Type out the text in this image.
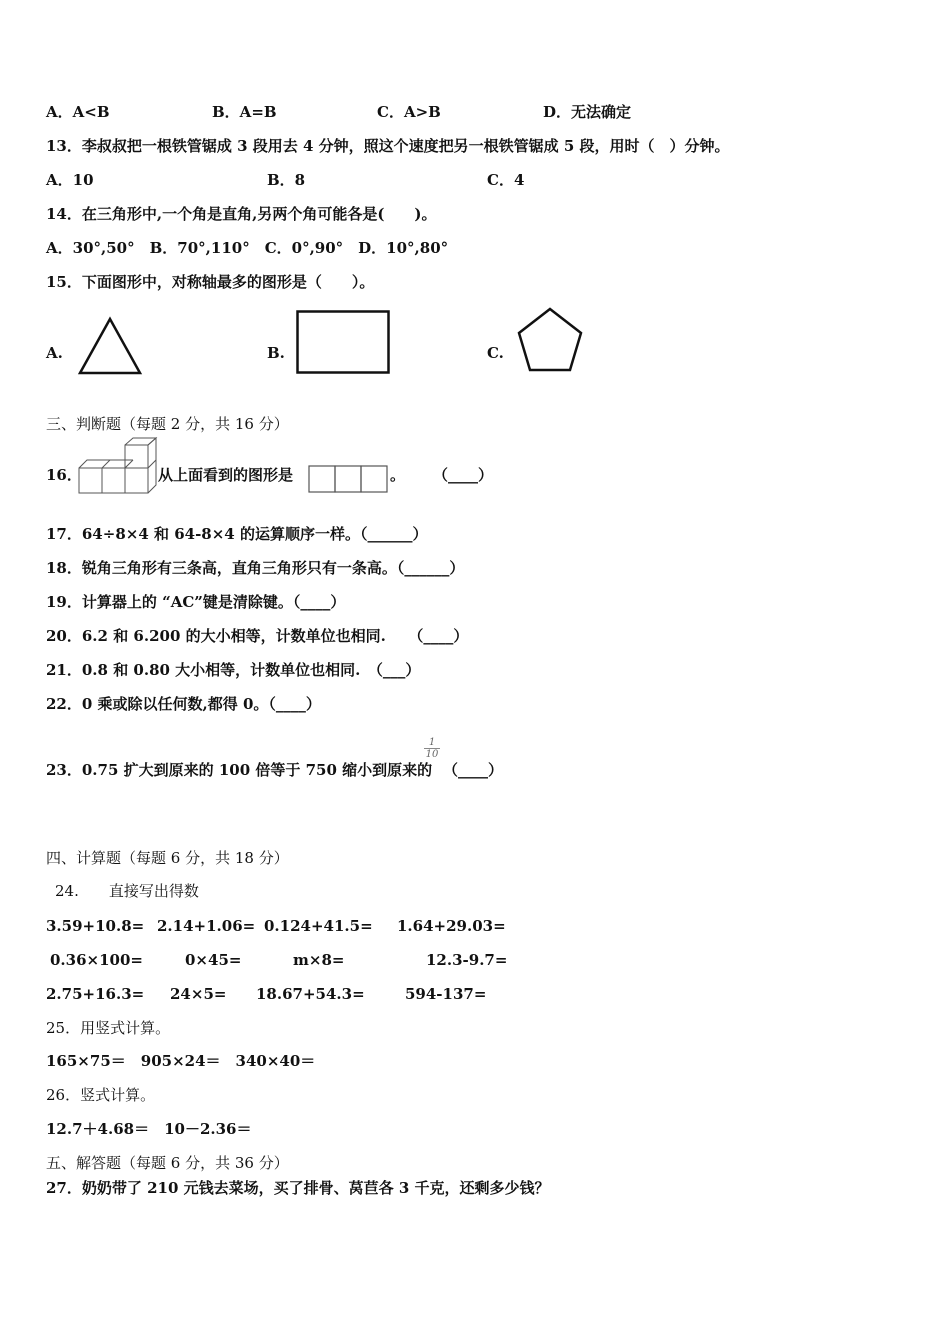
A．A<B	B．A=B	C．A>B	D．无法确定
13．李叔叔把一根铁管锯成 3 段用去 4 分钟，照这个速度把另一根铁管锯成 5 段，用时（　）分钟。
A．10	B．8	C．4
14．在三角形中,一个角是直角,另两个角可能各是(　　)。
A．30°,50°　B．70°,110°　C．0°,90°　D．10°,80°
15．下面图形中，对称轴最多的图形是（　　）。
A.	B.	C.
三、判断题（每题 2 分，共 16 分）
16．	从上面看到的图形是	。 （____）
17．64÷8×4 和 64-8×4 的运算顺序一样。（______）
18．锐角三角形有三条高，直角三角形只有一条高。（______）
19．计算器上的 “AC”键是清除键。（____）
20．6.2 和 6.200 的大小相等，计数单位也相同.　　（____）
21．0.8 和 0.80 大小相等，计数单位也相同.　（___）
22．0 乘或除以任何数,都得 0。（____）
23．0.75 扩大到原来的 100 倍等于 750 缩小到原来的
$\frac{1}{10}$
（____）
四、计算题（每题 6 分，共 18 分）
24.　　直接写出得数
3.59+10.8= 2.14+1.06= 0.124+41.5= 1.64+29.03=
0.36×100=	0×45=	m×8=	12.3-9.7=
2.75+16.3= 24×5= 18.67+54.3=	594-137=
25．用竖式计算。
165×75＝　905×24＝　340×40＝
26．竖式计算。
12.7＋4.68＝　10－2.36＝
五、解答题（每题 6 分，共 36 分）
27．奶奶带了 210 元钱去菜场，买了排骨、莴苣各 3 千克，还剩多少钱？
